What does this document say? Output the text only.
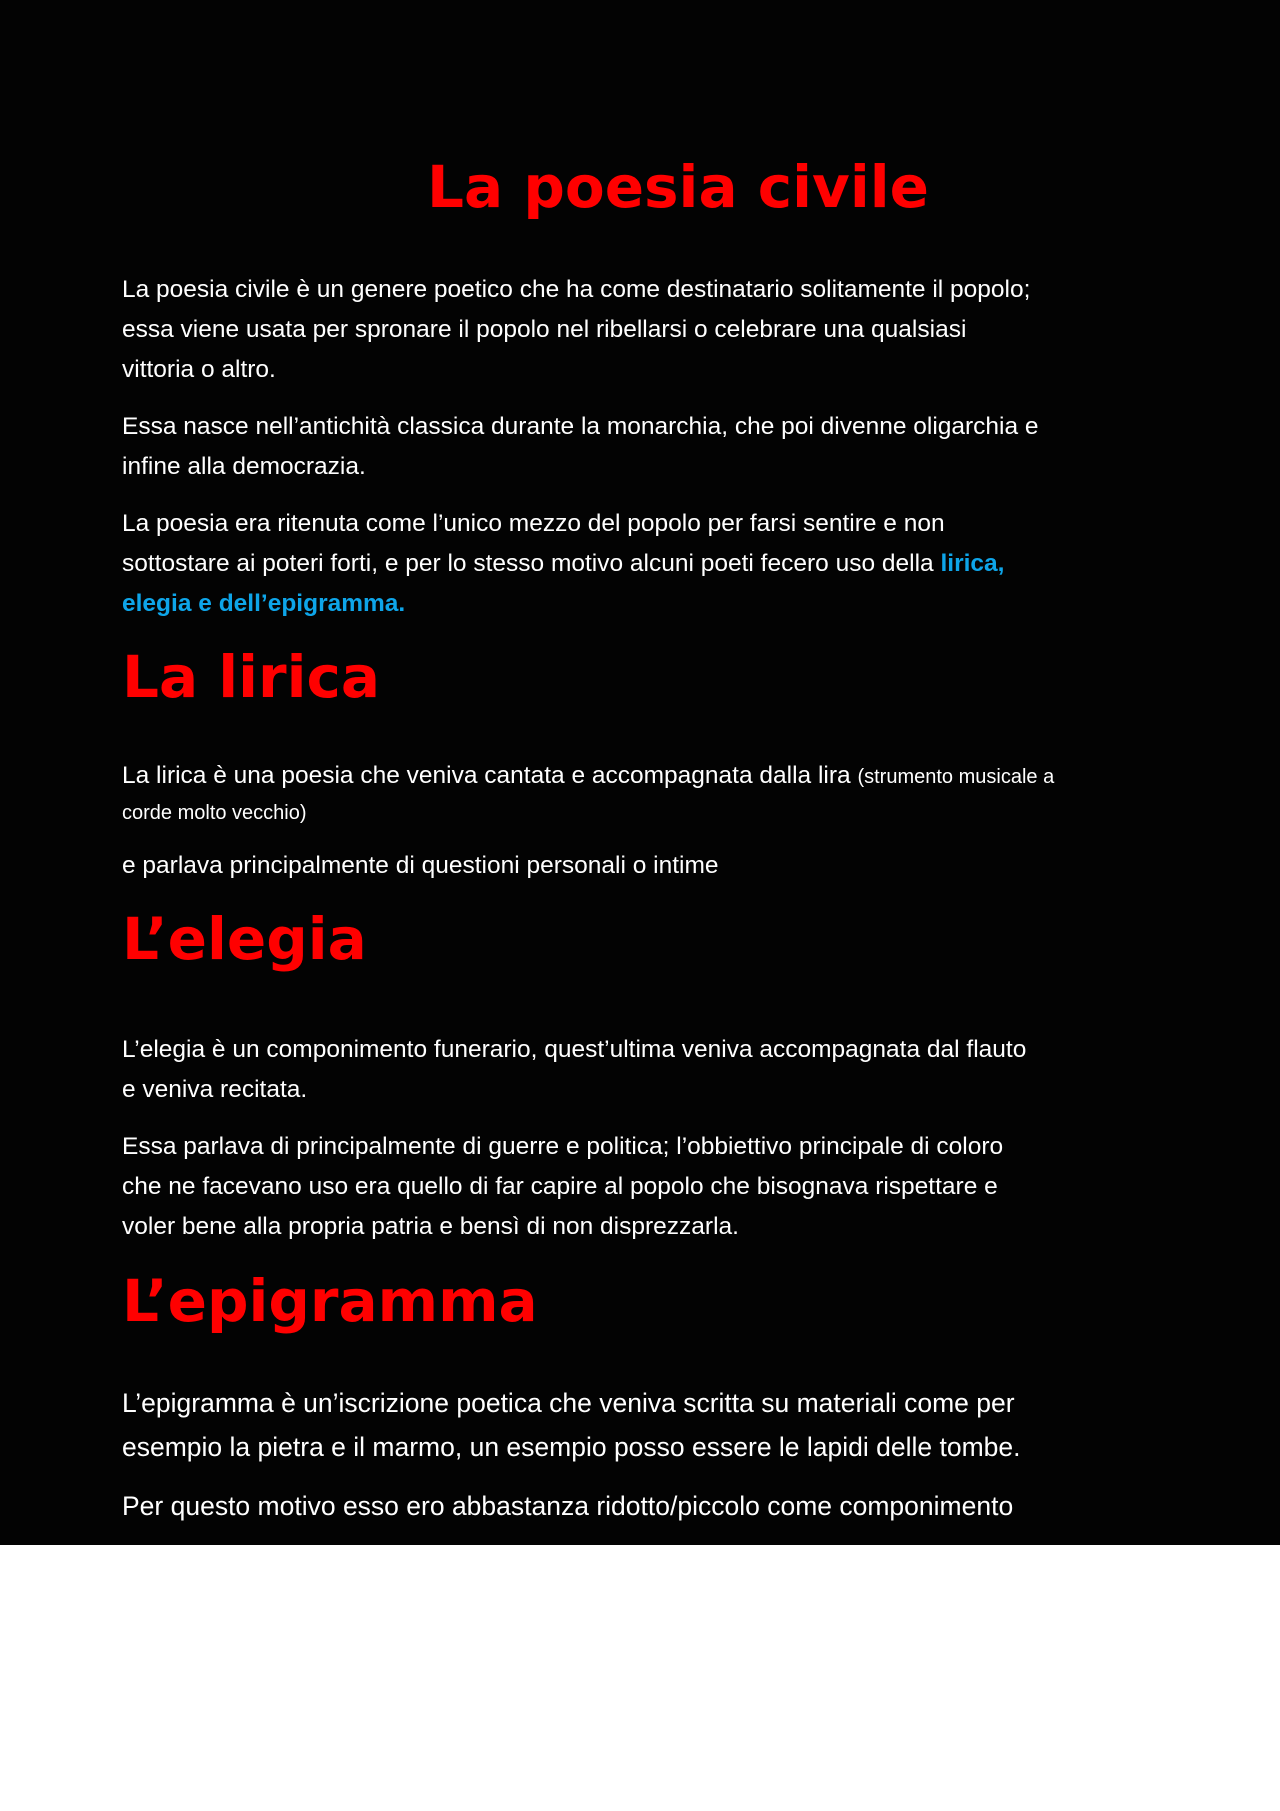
La poesia civile

La poesia civile è un genere poetico che ha come destinatario solitamente il popolo;
essa viene usata per spronare il popolo nel ribellarsi o celebrare una qualsiasi
vittoria o altro.

Essa nasce nell’antichità classica durante la monarchia, che poi divenne oligarchia e
infine alla democrazia.

La poesia era ritenuta come l’unico mezzo del popolo per farsi sentire e non
sottostare ai poteri forti, e per lo stesso motivo alcuni poeti fecero uso della lirica,
elegia e dell’epigramma.

La lirica

La lirica è una poesia che veniva cantata e accompagnata dalla lira (strumento musicale a
corde molto vecchio)

e parlava principalmente di questioni personali o intime

L’elegia

L’elegia è un componimento funerario, quest’ultima veniva accompagnata dal flauto
e veniva recitata.

Essa parlava di principalmente di guerre e politica; l’obbiettivo principale di coloro
che ne facevano uso era quello di far capire al popolo che bisognava rispettare e
voler bene alla propria patria e bensì di non disprezzarla.

L’epigramma

L’epigramma è un’iscrizione poetica che veniva scritta su materiali come per
esempio la pietra e il marmo, un esempio posso essere le lapidi delle tombe.

Per questo motivo esso ero abbastanza ridotto/piccolo come componimento
